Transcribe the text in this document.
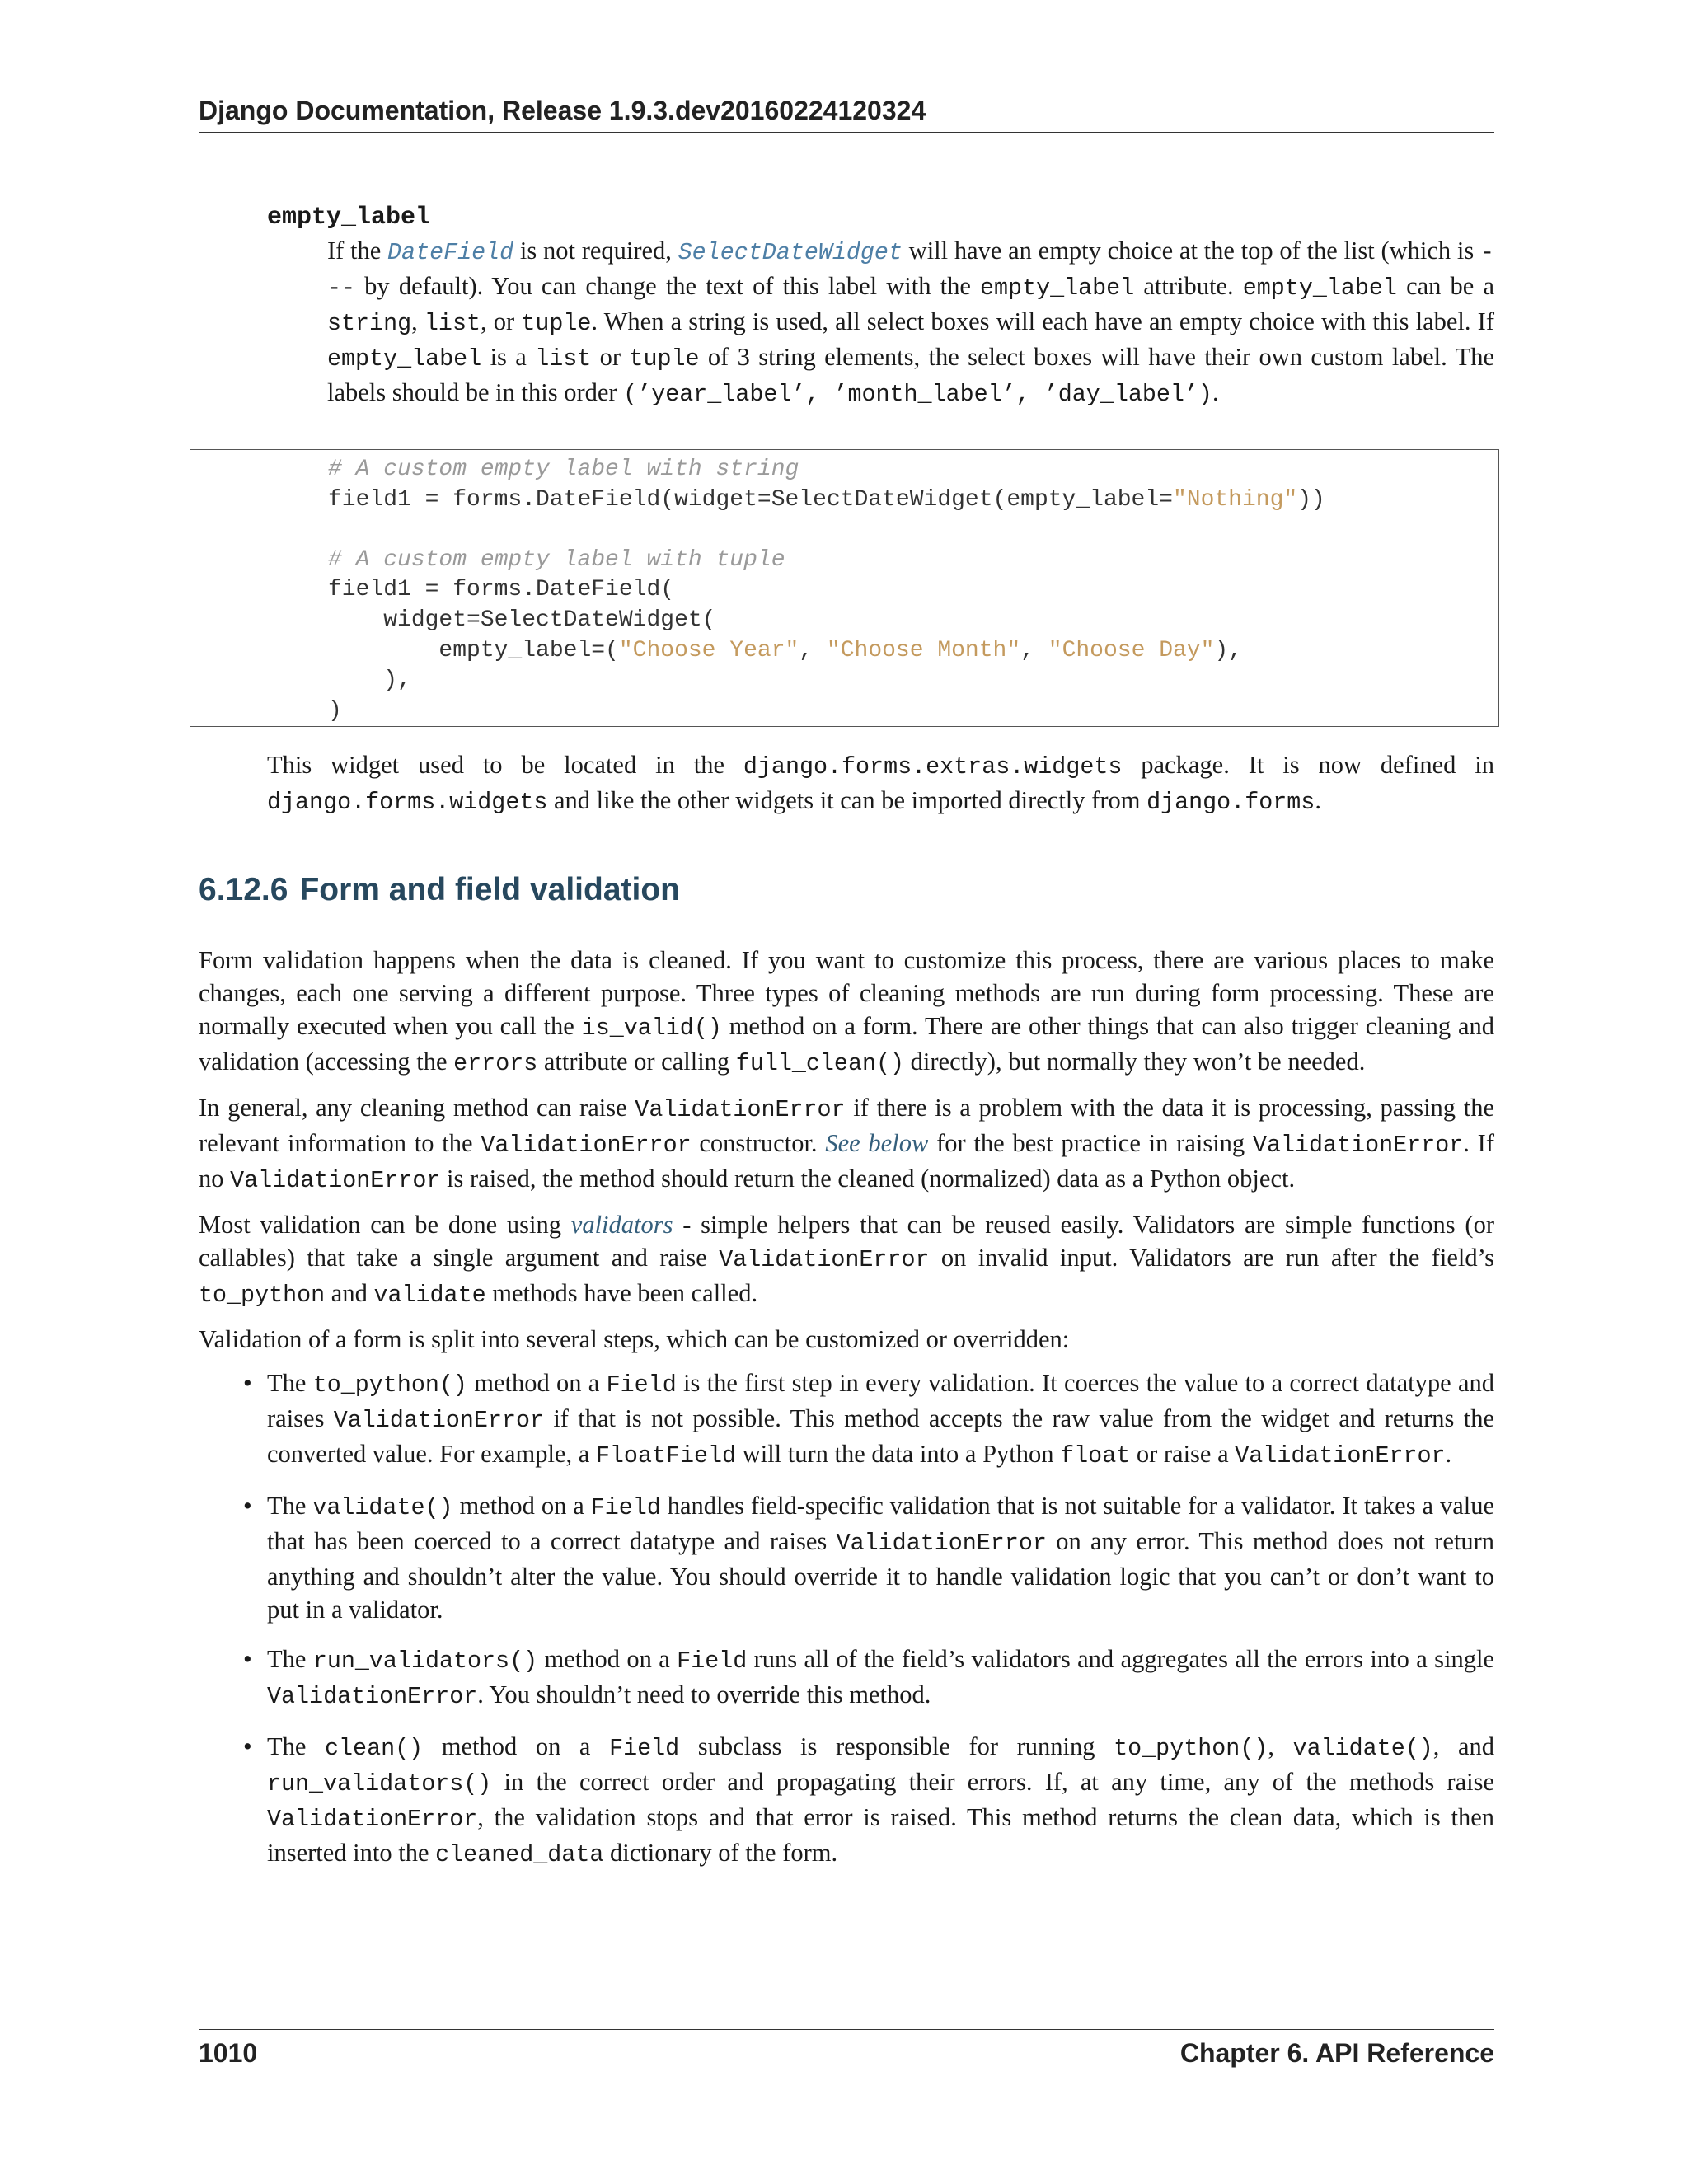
Django Documentation, Release 1.9.3.dev20160224120324
empty_label

If the DateField is not required, SelectDateWidget will have an empty choice at the top of the list (which is --- by default). You can change the text of this label with the empty_label attribute. empty_label can be a string, list, or tuple. When a string is used, all select boxes will each have an empty choice with this label. If empty_label is a list or tuple of 3 string elements, the select boxes will have their own custom label. The labels should be in this order (’year_label’, ’month_label’, ’day_label’).

# A custom empty label with string
field1 = forms.DateField(widget=SelectDateWidget(empty_label="Nothing"))

# A custom empty label with tuple
field1 = forms.DateField(
widget=SelectDateWidget(
empty_label=("Choose Year", "Choose Month", "Choose Day"),
),
)

This widget used to be located in the django.forms.extras.widgets package. It is now defined in django.forms.widgets and like the other widgets it can be imported directly from django.forms.

6.12.6 Form and field validation

Form validation happens when the data is cleaned. If you want to customize this process, there are various places to make changes, each one serving a different purpose. Three types of cleaning methods are run during form processing. These are normally executed when you call the is_valid() method on a form. There are other things that can also trigger cleaning and validation (accessing the errors attribute or calling full_clean() directly), but normally they won’t be needed.

In general, any cleaning method can raise ValidationError if there is a problem with the data it is processing, passing the relevant information to the ValidationError constructor. See below for the best practice in raising ValidationError. If no ValidationError is raised, the method should return the cleaned (normalized) data as a Python object.

Most validation can be done using validators - simple helpers that can be reused easily. Validators are simple functions (or callables) that take a single argument and raise ValidationError on invalid input. Validators are run after the field’s to_python and validate methods have been called.

Validation of a form is split into several steps, which can be customized or overridden:

• The to_python() method on a Field is the first step in every validation. It coerces the value to a correct datatype and raises ValidationError if that is not possible. This method accepts the raw value from the widget and returns the converted value. For example, a FloatField will turn the data into a Python float or raise a ValidationError.
• The validate() method on a Field handles field-specific validation that is not suitable for a validator. It takes a value that has been coerced to a correct datatype and raises ValidationError on any error. This method does not return anything and shouldn’t alter the value. You should override it to handle validation logic that you can’t or don’t want to put in a validator.
• The run_validators() method on a Field runs all of the field’s validators and aggregates all the errors into a single ValidationError. You shouldn’t need to override this method.
• The clean() method on a Field subclass is responsible for running to_python(), validate(), and run_validators() in the correct order and propagating their errors. If, at any time, any of the methods raise ValidationError, the validation stops and that error is raised. This method returns the clean data, which is then inserted into the cleaned_data dictionary of the form.
1010	Chapter 6. API Reference
